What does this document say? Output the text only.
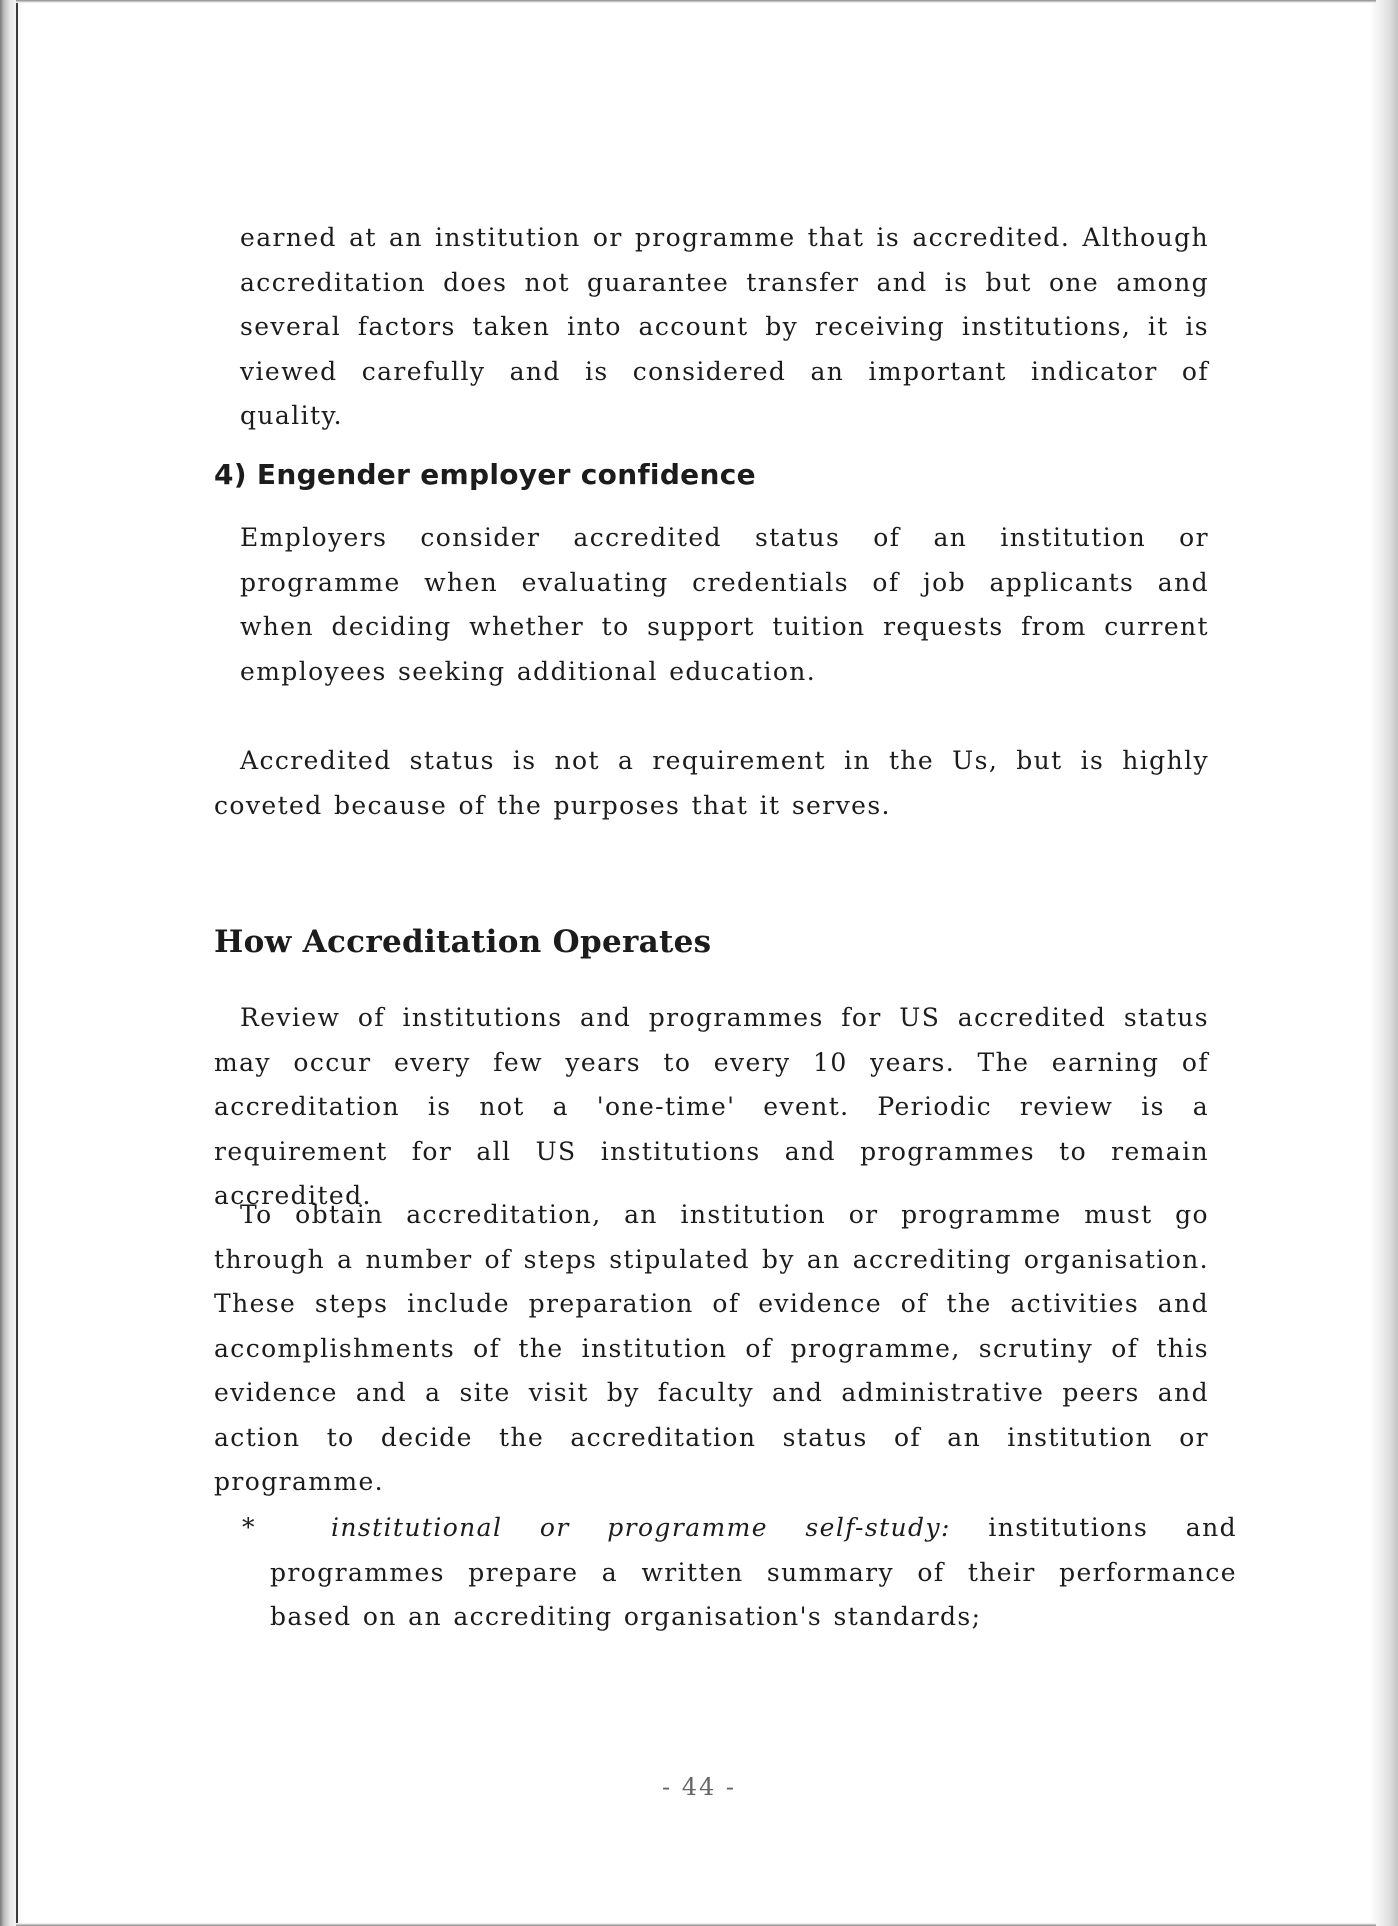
earned at an institution or programme that is accredited. Although accreditation does not guarantee transfer and is but one among several factors taken into account by receiving institutions, it is viewed carefully and is considered an important indicator of quality.

4) Engender employer confidence

Employers consider accredited status of an institution or programme when evaluating credentials of job applicants and when deciding whether to support tuition requests from current employees seeking additional education.

Accredited status is not a requirement in the Us, but is highly coveted because of the purposes that it serves.

How Accreditation Operates

Review of institutions and programmes for US accredited status may occur every few years to every 10 years. The earning of accreditation is not a 'one-time' event. Periodic review is a requirement for all US institutions and programmes to remain accredited.

To obtain accreditation, an institution or programme must go through a number of steps stipulated by an accrediting organisation. These steps include preparation of evidence of the activities and accomplishments of the institution of programme, scrutiny of this evidence and a site visit by faculty and administrative peers and action to decide the accreditation status of an institution or programme.

*	institutional or programme self-study: institutions and programmes prepare a written summary of their performance based on an accrediting organisation's standards;

- 44 -
